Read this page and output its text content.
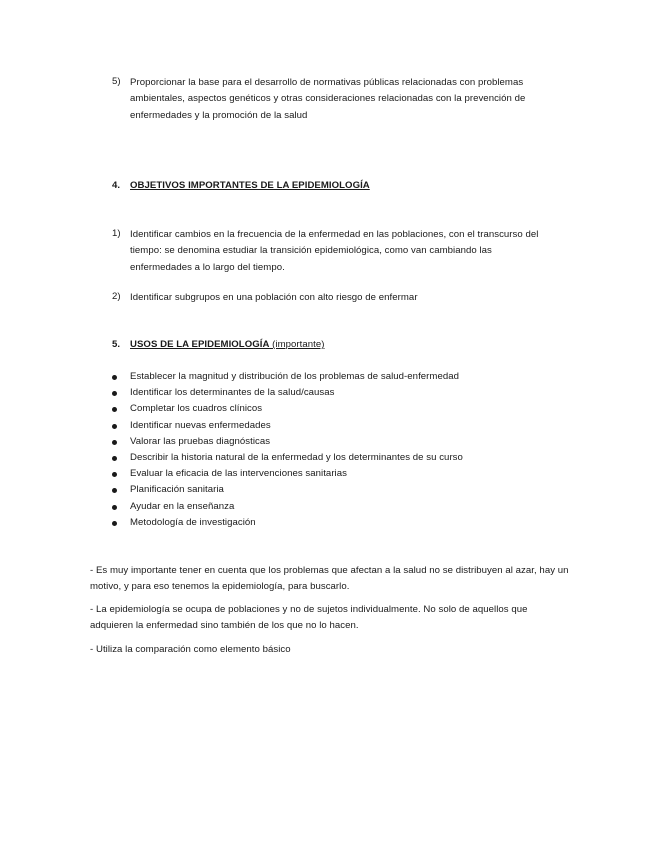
5) Proporcionar la base para el desarrollo de normativas públicas relacionadas con problemas ambientales, aspectos genéticos y otras consideraciones relacionadas con la prevención de enfermedades y la promoción de la salud
4. OBJETIVOS IMPORTANTES DE LA EPIDEMIOLOGÍA
1) Identificar cambios en la frecuencia de la enfermedad en las poblaciones, con el transcurso del tiempo: se denomina estudiar la transición epidemiológica, como van cambiando las enfermedades a lo largo del tiempo.
2) Identificar subgrupos en una población con alto riesgo de enfermar
5. USOS DE LA EPIDEMIOLOGÍA (importante)
Establecer la magnitud y distribución de los problemas de salud-enfermedad
Identificar los determinantes de la salud/causas
Completar los cuadros clínicos
Identificar nuevas enfermedades
Valorar las pruebas diagnósticas
Describir la historia natural de la enfermedad y los determinantes de su curso
Evaluar la eficacia de las intervenciones sanitarias
Planificación sanitaria
Ayudar en la enseñanza
Metodología de investigación
- Es muy importante tener en cuenta que los problemas que afectan a la salud no se distribuyen al azar, hay un motivo, y para eso tenemos la epidemiología, para buscarlo.
- La epidemiología se ocupa de poblaciones y no de sujetos individualmente. No solo de aquellos que adquieren la enfermedad sino también de los que no lo hacen.
- Utiliza la comparación como elemento básico
